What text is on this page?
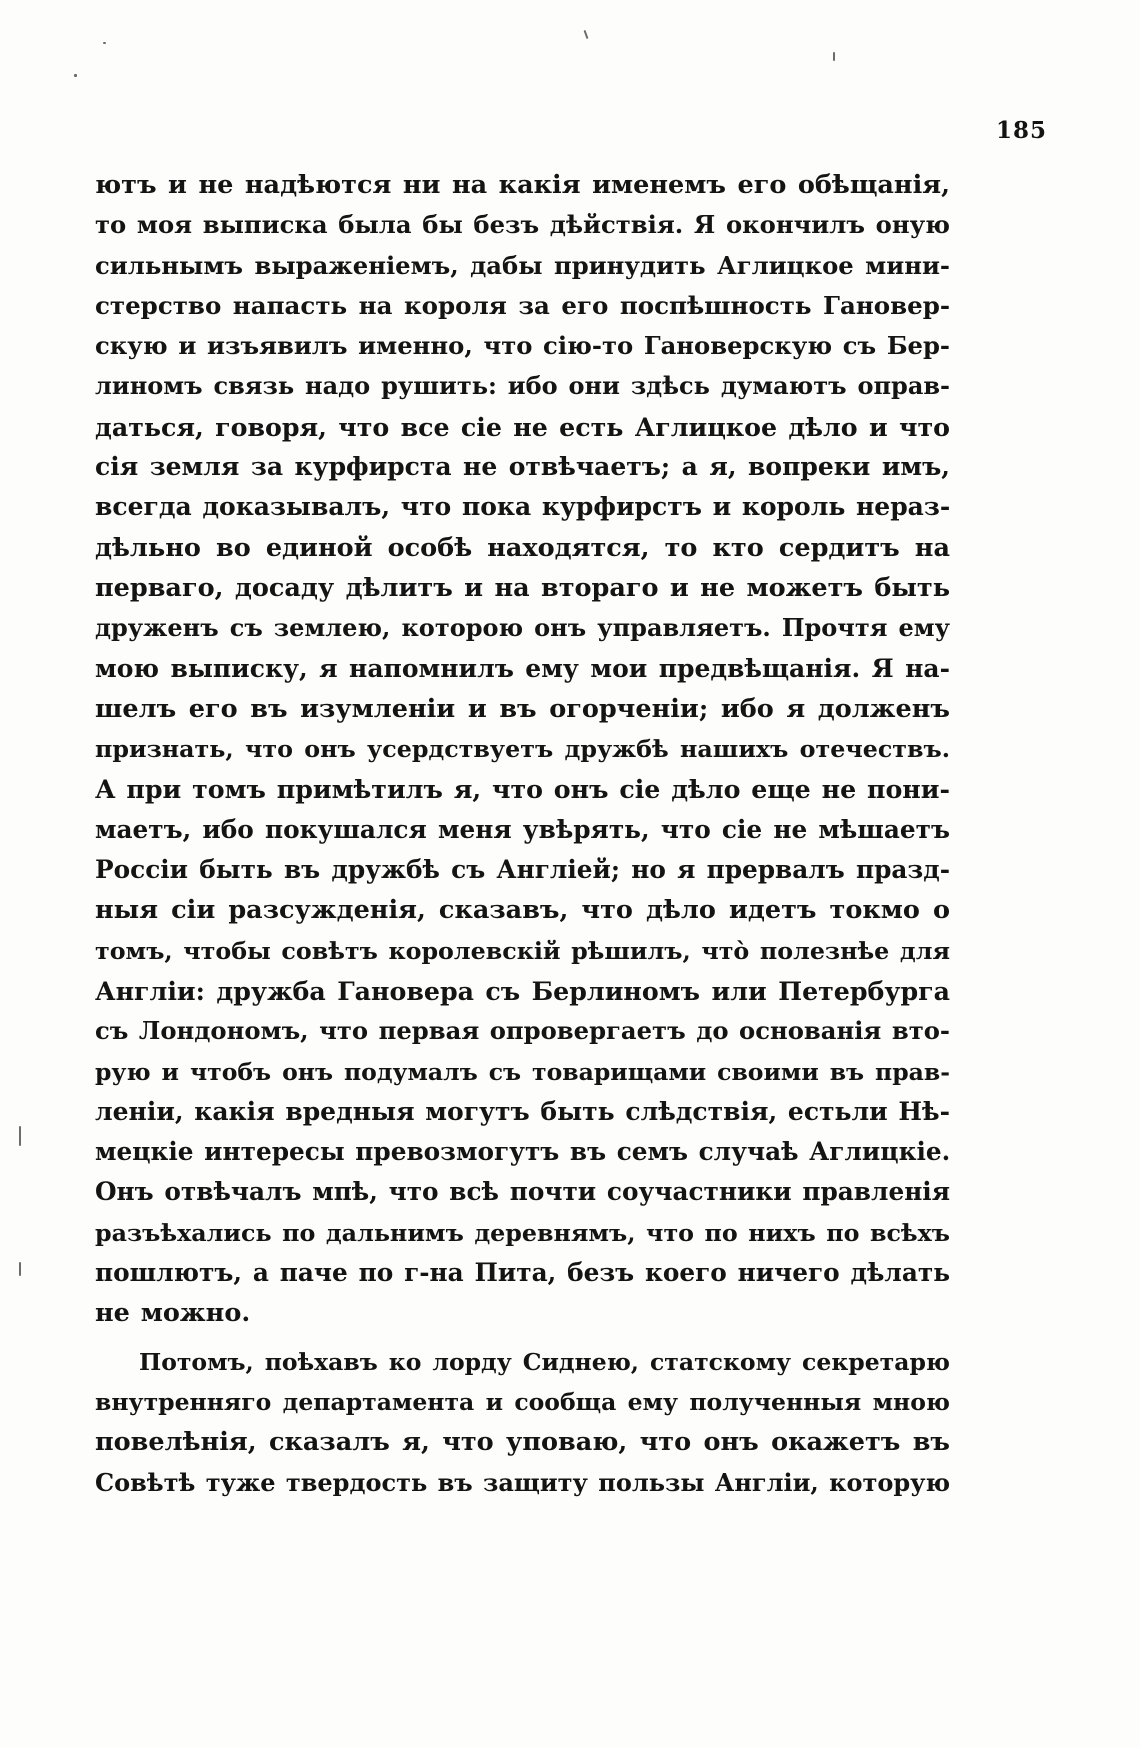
185
ютъ и не надѣются ни на какія именемъ его обѣщанія,
то моя выписка была бы безъ дѣйствія. Я окончилъ оную
сильнымъ выраженіемъ, дабы принудить Аглицкое мини-
стерство напасть на короля за его поспѣшность Гановер-
скую и изъявилъ именно, что сію-то Гановерскую съ Бер-
линомъ связь надо рушить: ибо они здѣсь думаютъ оправ-
даться, говоря, что все сіе не есть Аглицкое дѣло и что
сія земля за курфирста не отвѣчаетъ; а я, вопреки имъ,
всегда доказывалъ, что пока курфирстъ и король нераз-
дѣльно во единой особѣ находятся, то кто сердитъ на
перваго, досаду дѣлитъ и на втораго и не можетъ быть
друженъ съ землею, которою онъ управляетъ. Прочтя ему
мою выписку, я напомнилъ ему мои предвѣщанія. Я на-
шелъ его въ изумленіи и въ огорченіи; ибо я долженъ
признать, что онъ усердствуетъ дружбѣ нашихъ отечествъ.
А при томъ примѣтилъ я, что онъ сіе дѣло еще не пони-
маетъ, ибо покушался меня увѣрять, что сіе не мѣшаетъ
Россіи быть въ дружбѣ съ Англіей; но я прервалъ празд-
ныя сіи разсужденія, сказавъ, что дѣло идетъ токмо о
томъ, чтобы совѣтъ королевскій рѣшилъ, что̀ полезнѣе для
Англіи: дружба Гановера съ Берлиномъ или Петербурга
съ Лондономъ, что первая опровергаетъ до основанія вто-
рую и чтобъ онъ подумалъ съ товарищами своими въ прав-
леніи, какія вредныя могутъ быть слѣдствія, естьли Нѣ-
мецкіе интересы превозмогутъ въ семъ случаѣ Аглицкіе.
Онъ отвѣчалъ мпѣ, что всѣ почти соучастники правленія
разъѣхались по дальнимъ деревнямъ, что по нихъ по всѣхъ
пошлютъ, а паче по г-на Пита, безъ коего ничего дѣлать
не можно.
Потомъ, поѣхавъ ко лорду Сиднею, статскому секретарю
внутренняго департамента и сообща ему полученныя мною
повелѣнія, сказалъ я, что уповаю, что онъ окажетъ въ
Совѣтѣ туже твердость въ защиту пользы Англіи, которую
